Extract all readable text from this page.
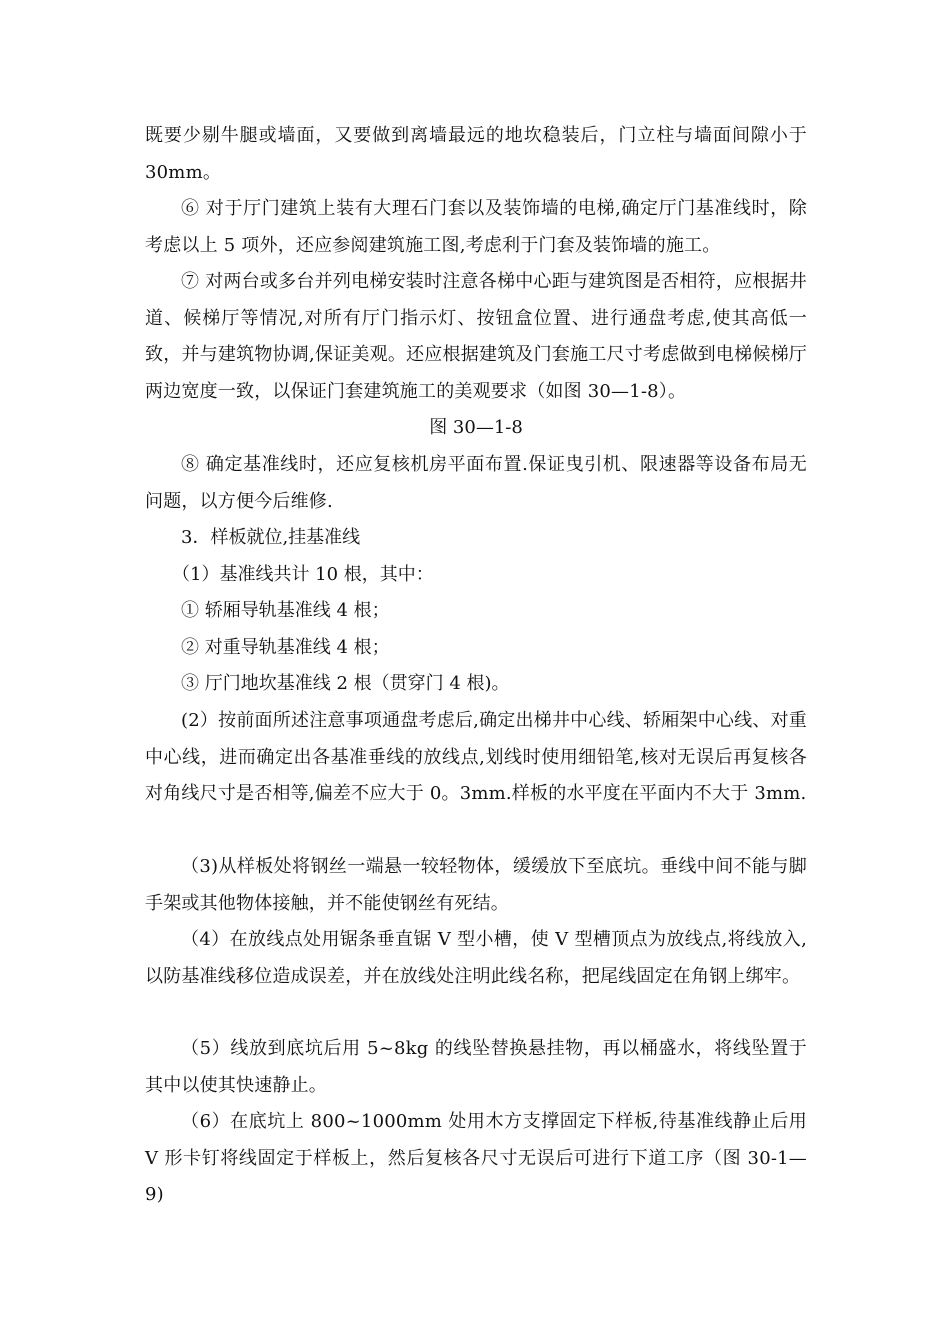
既要少剔牛腿或墙面，又要做到离墙最远的地坎稳装后，门立柱与墙面间隙小于 30mm。

⑥ 对于厅门建筑上装有大理石门套以及装饰墙的电梯,确定厅门基准线时，除考虑以上 5 项外，还应参阅建筑施工图,考虑利于门套及装饰墙的施工。

⑦ 对两台或多台并列电梯安装时注意各梯中心距与建筑图是否相符，应根据井道、候梯厅等情况,对所有厅门指示灯、按钮盒位置、进行通盘考虑,使其高低一致，并与建筑物协调,保证美观。还应根据建筑及门套施工尺寸考虑做到电梯候梯厅两边宽度一致，以保证门套建筑施工的美观要求（如图 30—1-8）。

图 30—1-8

⑧ 确定基准线时，还应复核机房平面布置.保证曳引机、限速器等设备布局无问题，以方便今后维修.

3．样板就位,挂基准线

（1）基准线共计 10 根，其中：

① 轿厢导轨基准线 4 根；

② 对重导轨基准线 4 根；

③ 厅门地坎基准线 2 根（贯穿门 4 根)。

(2）按前面所述注意事项通盘考虑后,确定出梯井中心线、轿厢架中心线、对重中心线，进而确定出各基准垂线的放线点,划线时使用细铅笔,核对无误后再复核各对角线尺寸是否相等,偏差不应大于 0。3mm.样板的水平度在平面内不大于 3mm.

（3)从样板处将钢丝一端悬一较轻物体，缓缓放下至底坑。垂线中间不能与脚手架或其他物体接触，并不能使钢丝有死结。

（4）在放线点处用锯条垂直锯 V 型小槽，使 V 型槽顶点为放线点,将线放入,以防基准线移位造成误差，并在放线处注明此线名称，把尾线固定在角钢上绑牢。

（5）线放到底坑后用 5~8kg 的线坠替换悬挂物，再以桶盛水，将线坠置于其中以使其快速静止。

（6）在底坑上 800~1000mm 处用木方支撑固定下样板,待基准线静止后用 V 形卡钉将线固定于样板上，然后复核各尺寸无误后可进行下道工序（图 30-1—9)
